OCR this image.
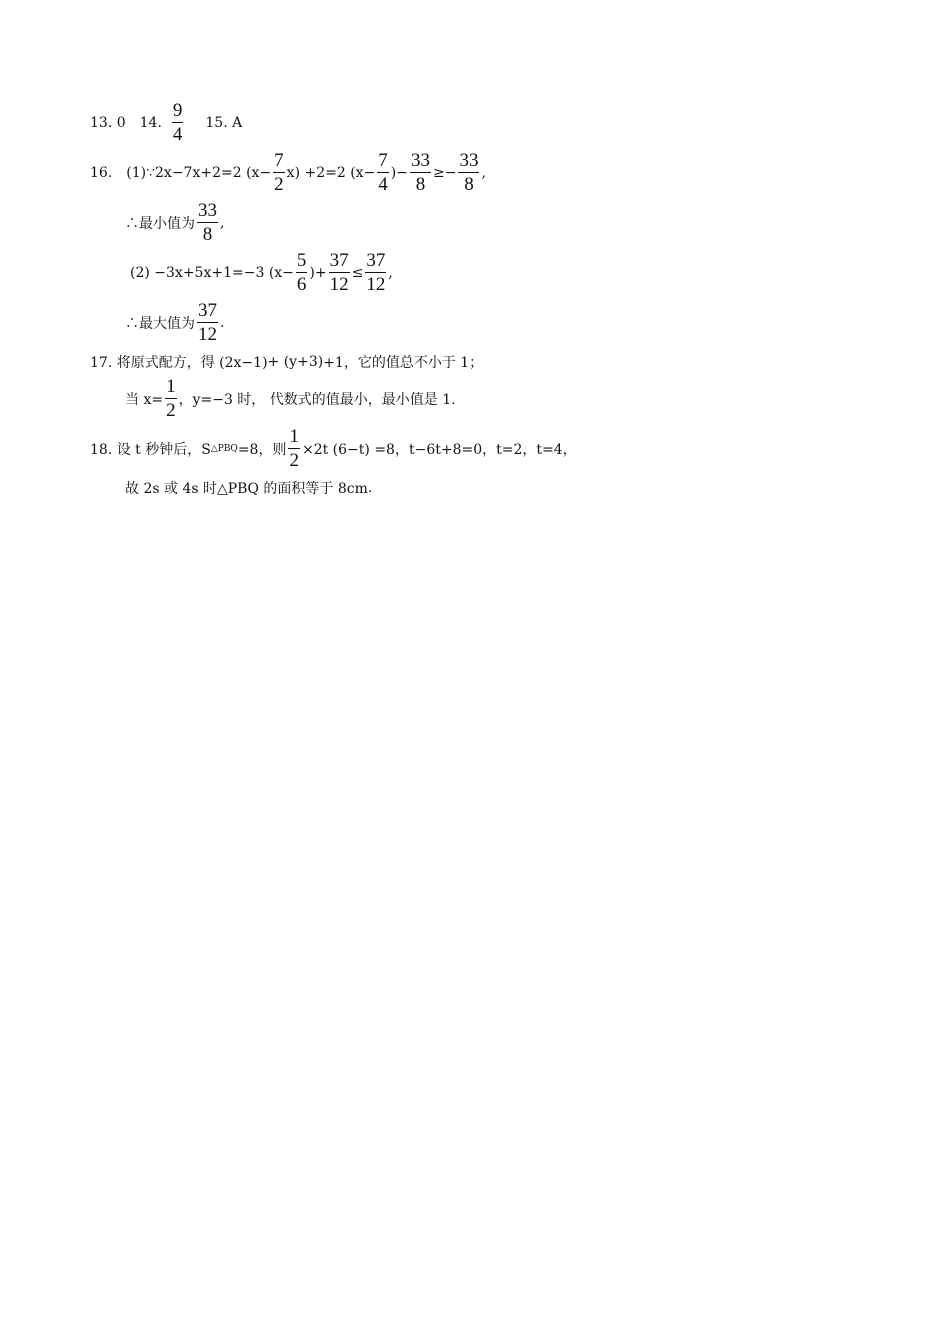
13. 0 14. $\frac{9}{4} 15$. A
16. (1)∵2x −7x+2=2 $(x - \frac{7}{2} x) +2=2$ ($x- \frac{7}{4}$ ) − $\frac{33}{8} \ge- \frac{33}{8}$ ,
∴最小值为 $\frac{33}{8}$ ,
(2) −3x +5x+1=−3 ($x- \frac{5}{6}$ ) + $\frac{37}{12} \le \frac{37}{12}$ ,
∴最大值为 $\frac{37}{12}$ .
17. 将原式配方，得 (2x−1) + (y+3) +1，它的值总不小于 1；
当 $x= \frac{1}{2}$ ，y=−3 时， 代数式的值最小，最小值是 1.
18. 设 t 秒钟后，S △PBQ =8，则 $\frac{1}{2} \times 2t$ (6−t) =8，t −6t+8=0，t =2，t =4，
故 2s 或 4s 时△PBQ 的面积等于 8cm .
